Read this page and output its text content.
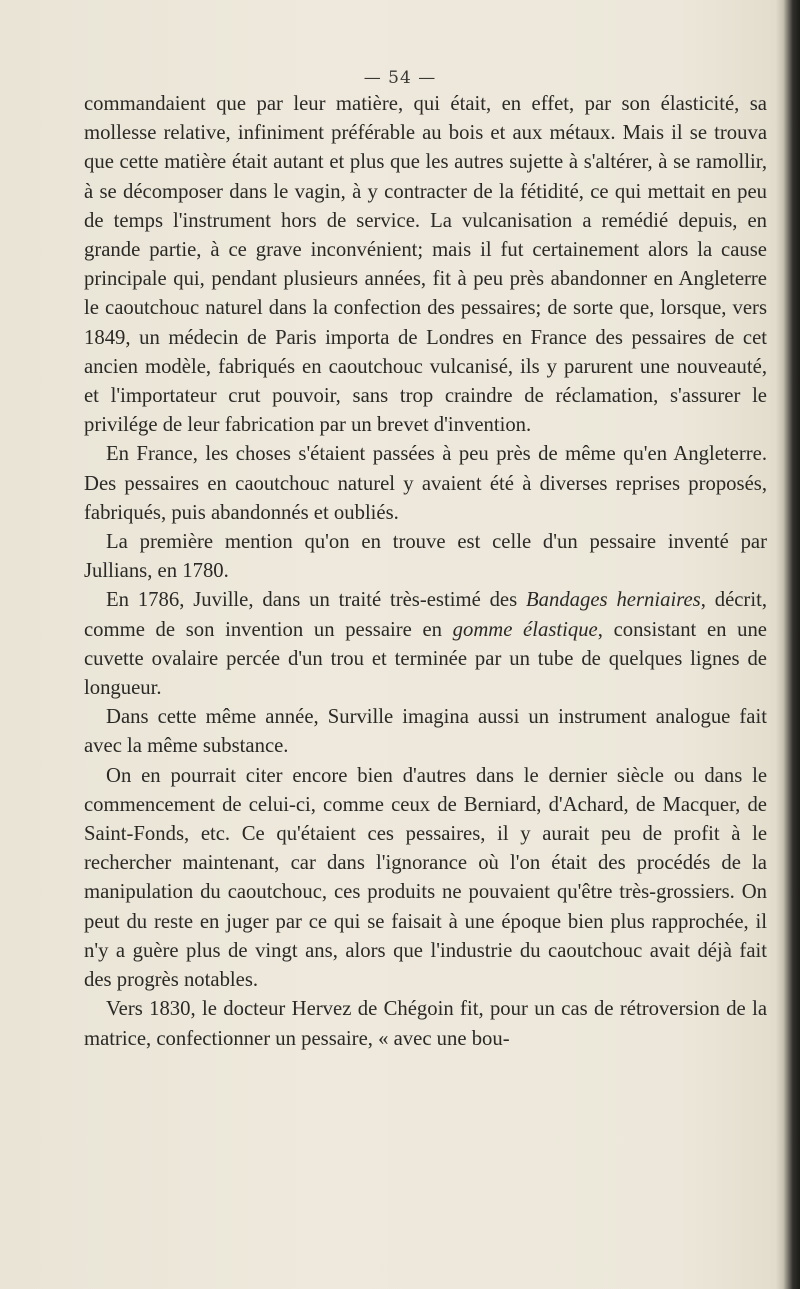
— 54 —

commandaient que par leur matière, qui était, en effet, par son élasticité, sa mollesse relative, infiniment préférable au bois et aux métaux. Mais il se trouva que cette matière était autant et plus que les autres sujette à s'altérer, à se ramollir, à se décomposer dans le vagin, à y contracter de la fétidité, ce qui mettait en peu de temps l'instrument hors de service. La vulcanisation a remédié depuis, en grande partie, à ce grave inconvénient; mais il fut certainement alors la cause principale qui, pendant plusieurs années, fit à peu près abandonner en Angleterre le caoutchouc naturel dans la confection des pessaires; de sorte que, lorsque, vers 1849, un médecin de Paris importa de Londres en France des pessaires de cet ancien modèle, fabriqués en caoutchouc vulcanisé, ils y parurent une nouveauté, et l'importateur crut pouvoir, sans trop craindre de réclamation, s'assurer le privilége de leur fabrication par un brevet d'invention.

En France, les choses s'étaient passées à peu près de même qu'en Angleterre. Des pessaires en caoutchouc naturel y avaient été à diverses reprises proposés, fabriqués, puis abandonnés et oubliés.

La première mention qu'on en trouve est celle d'un pessaire inventé par Jullians, en 1780.

En 1786, Juville, dans un traité très-estimé des Bandages herniaires, décrit, comme de son invention un pessaire en gomme élastique, consistant en une cuvette ovalaire percée d'un trou et terminée par un tube de quelques lignes de longueur.

Dans cette même année, Surville imagina aussi un instrument analogue fait avec la même substance.

On en pourrait citer encore bien d'autres dans le dernier siècle ou dans le commencement de celui-ci, comme ceux de Berniard, d'Achard, de Macquer, de Saint-Fonds, etc. Ce qu'étaient ces pessaires, il y aurait peu de profit à le rechercher maintenant, car dans l'ignorance où l'on était des procédés de la manipulation du caoutchouc, ces produits ne pouvaient qu'être très-grossiers. On peut du reste en juger par ce qui se faisait à une époque bien plus rapprochée, il n'y a guère plus de vingt ans, alors que l'industrie du caoutchouc avait déjà fait des progrès notables.

Vers 1830, le docteur Hervez de Chégoin fit, pour un cas de rétroversion de la matrice, confectionner un pessaire, « avec une bou-
